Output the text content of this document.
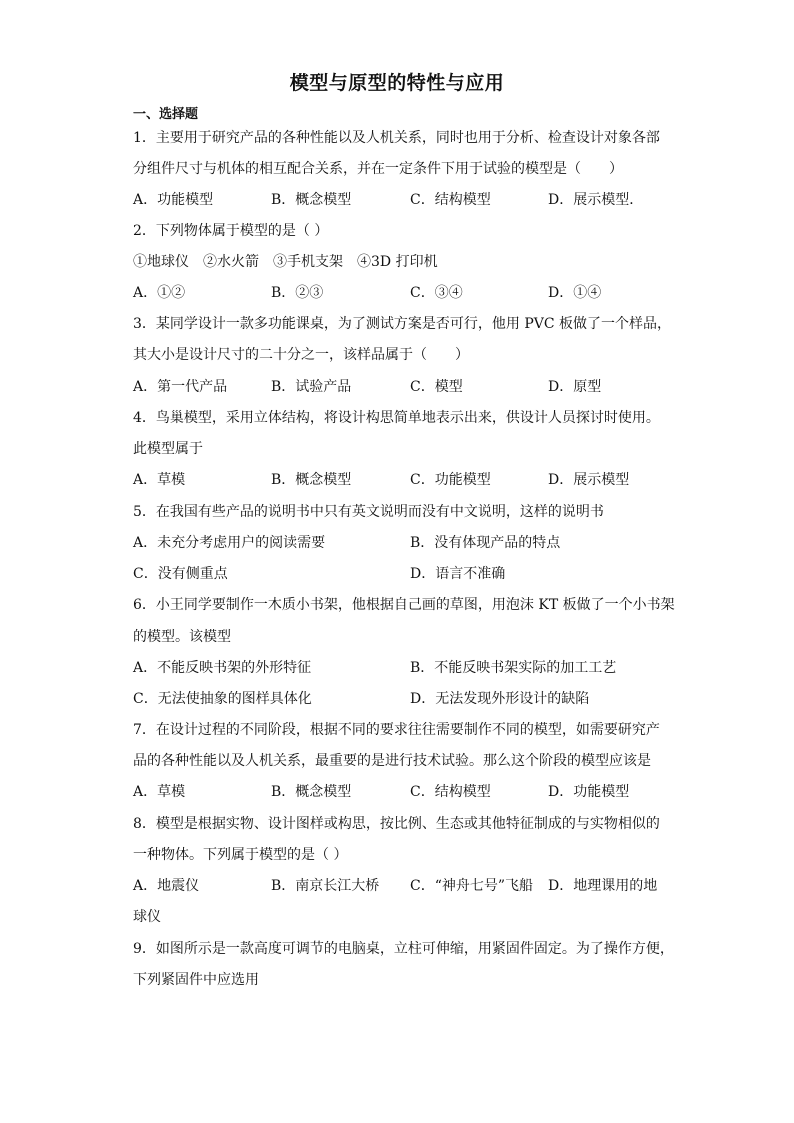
模型与原型的特性与应用
一、选择题
1．主要用于研究产品的各种性能以及人机关系，同时也用于分析、检查设计对象各部
分组件尺寸与机体的相互配合关系，并在一定条件下用于试验的模型是（　　）
A．功能模型	B．概念模型	C．结构模型	D．展示模型．
2．下列物体属于模型的是（ ）
①地球仪　②水火箭　③手机支架　④3D 打印机
A．①②	B．②③	C．③④	D．①④
3．某同学设计一款多功能课桌，为了测试方案是否可行，他用 PVC 板做了一个样品，
其大小是设计尺寸的二十分之一，该样品属于（　　）
A．第一代产品	B．试验产品	C．模型	D．原型
4．鸟巢模型，采用立体结构，将设计构思简单地表示出来，供设计人员探讨时使用。
此模型属于
A．草模	B．概念模型	C．功能模型	D．展示模型
5．在我国有些产品的说明书中只有英文说明而没有中文说明，这样的说明书
A．未充分考虑用户的阅读需要	B．没有体现产品的特点
C．没有侧重点	D．语言不准确
6．小王同学要制作一木质小书架，他根据自己画的草图，用泡沫 KT 板做了一个小书架
的模型。该模型
A．不能反映书架的外形特征	B．不能反映书架实际的加工工艺
C．无法使抽象的图样具体化	D．无法发现外形设计的缺陷
7．在设计过程的不同阶段，根据不同的要求往往需要制作不同的模型，如需要研究产
品的各种性能以及人机关系，最重要的是进行技术试验。那么这个阶段的模型应该是
A．草模	B．概念模型	C．结构模型	D．功能模型
8．模型是根据实物、设计图样或构思，按比例、生态或其他特征制成的与实物相似的
一种物体。下列属于模型的是（ ）
A．地震仪	B．南京长江大桥 C．“神舟七号”飞船 D．地理课用的地
球仪
9．如图所示是一款高度可调节的电脑桌，立柱可伸缩，用紧固件固定。为了操作方便，
下列紧固件中应选用
